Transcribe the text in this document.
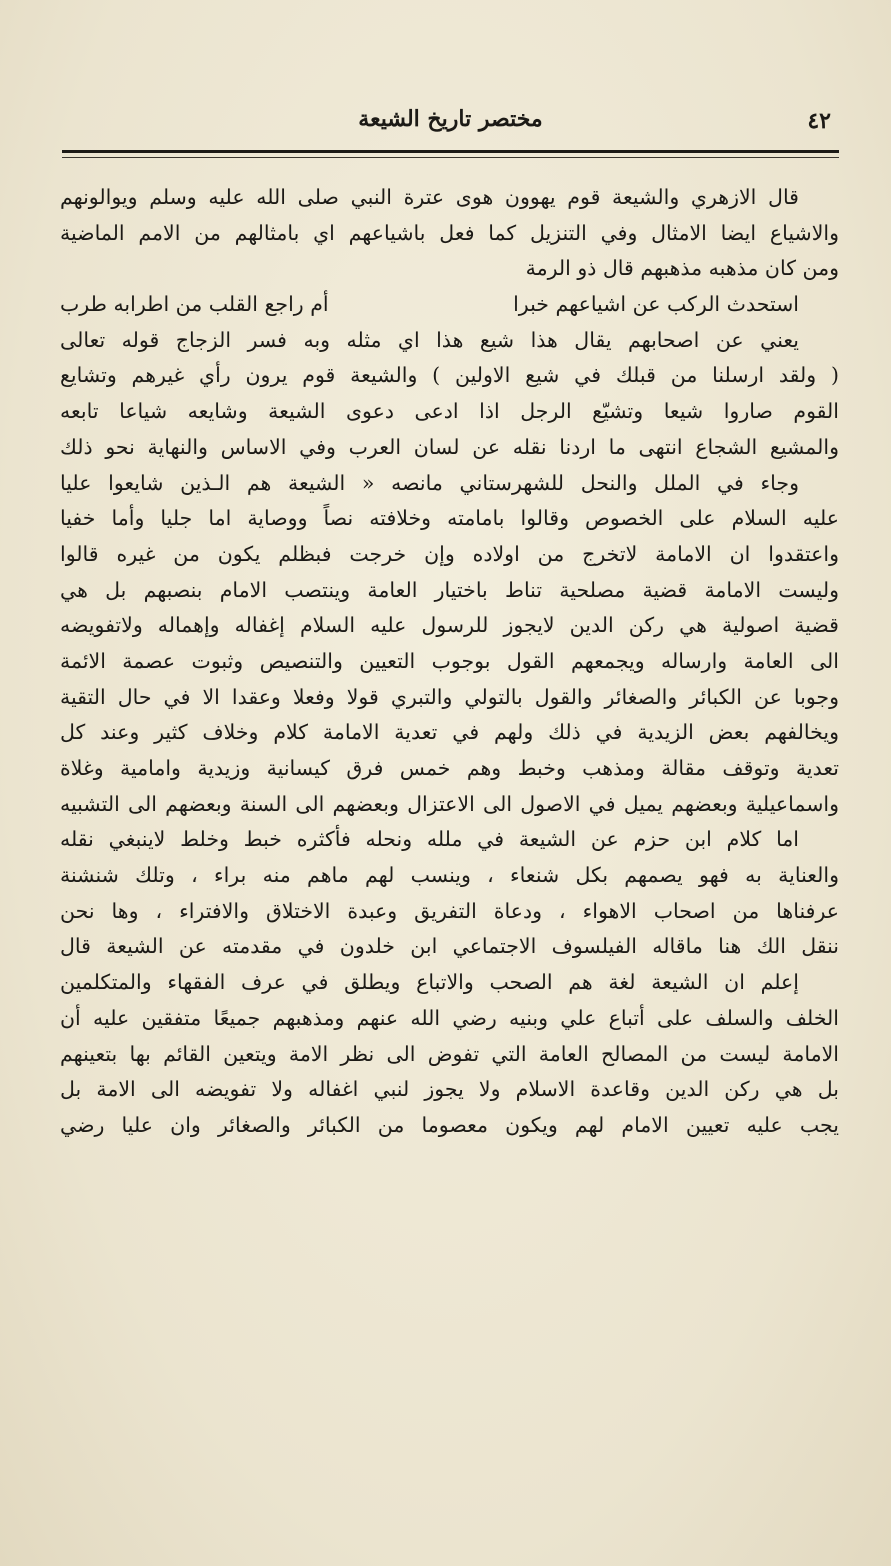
٤٢
مختصر تاريخ الشيعة
قال الازهري والشيعة قوم يهوون هوى عترة النبي صلى الله عليه وسلم ويوالونهم
والاشياع ايضا الامثال وفي التنزيل كما فعل باشياعهم اي بامثالهم من الامم الماضية
ومن كان مذهبه مذهبهم قال ذو الرمة
استحدث الركب عن اشياعهم خبرا
أم راجع القلب من اطرابه طرب
يعني عن اصحابهم يقال هذا شيع هذا اي مثله وبه فسر الزجاج قوله تعالى
( ولقد ارسلنا من قبلك في شيع الاولين ) والشيعة قوم يرون رأي غيرهم وتشايع
القوم صاروا شيعا وتشيّع الرجل اذا ادعى دعوى الشيعة وشايعه شياعا تابعه
والمشيع الشجاع انتهى ما اردنا نقله عن لسان العرب وفي الاساس والنهاية نحو ذلك
وجاء في الملل والنحل للشهرستاني مانصه « الشيعة هم الـذين شايعوا عليا
عليه السلام على الخصوص وقالوا بامامته وخلافته نصاً ووصاية اما جليا وأما خفيا
واعتقدوا ان الامامة لاتخرج من اولاده وإن خرجت فبظلم يكون من غيره قالوا
وليست الامامة قضية مصلحية تناط باختيار العامة وينتصب الامام بنصبهم بل هي
قضية اصولية هي ركن الدين لايجوز للرسول عليه السلام إغفاله وإهماله ولاتفويضه
الى العامة وارساله ويجمعهم القول بوجوب التعيين والتنصيص وثبوت عصمة الائمة
وجوبا عن الكبائر والصغائر والقول بالتولي والتبري قولا وفعلا وعقدا الا في حال التقية
ويخالفهم بعض الزيدية في ذلك ولهم في تعدية الامامة كلام وخلاف كثير وعند كل
تعدية وتوقف مقالة ومذهب وخبط وهم خمس فرق كيسانية وزيدية وامامية وغلاة
واسماعيلية وبعضهم يميل في الاصول الى الاعتزال وبعضهم الى السنة وبعضهم الى التشبيه
اما كلام ابن حزم عن الشيعة في ملله ونحله فأكثره خبط وخلط لاينبغي نقله
والعناية به فهو يصمهم بكل شنعاء ، وينسب لهم ماهم منه براء ، وتلك شنشنة
عرفناها من اصحاب الاهواء ، ودعاة التفريق وعبدة الاختلاق والافتراء ، وها نحن
ننقل الك هنا ماقاله الفيلسوف الاجتماعي ابن خلدون في مقدمته عن الشيعة قال
إعلم ان الشيعة لغة هم الصحب والاتباع ويطلق في عرف الفقهاء والمتكلمين
الخلف والسلف على أتباع علي وبنيه رضي الله عنهم ومذهبهم جميعًا متفقين عليه أن
الامامة ليست من المصالح العامة التي تفوض الى نظر الامة ويتعين القائم بها بتعينهم
بل هي ركن الدين وقاعدة الاسلام ولا يجوز لنبي اغفاله ولا تفويضه الى الامة بل
يجب عليه تعيين الامام لهم ويكون معصوما من الكبائر والصغائر وان عليا رضي
